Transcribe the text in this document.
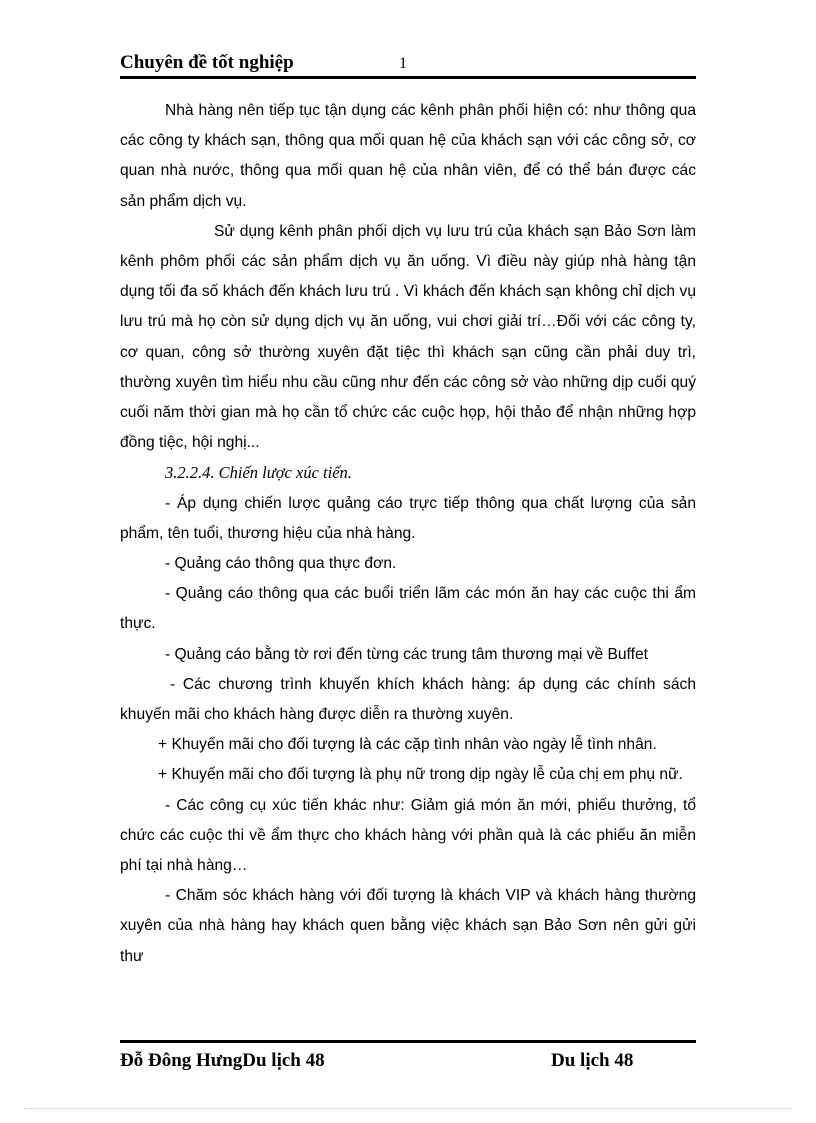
Chuyên đề tốt nghiệp	1

Nhà hàng nên tiếp tục tận dụng các kênh phân phối hiện có: như thông qua các công ty khách sạn, thông qua mối quan hệ của khách sạn với các công sở, cơ quan nhà nước, thông qua mối quan hệ của nhân viên, để có thể bán được các sản phẩm dịch vụ.

Sử dụng kênh phân phối dịch vụ lưu trú của khách sạn Bảo Sơn làm kênh phôm phối các sản phẩm dịch vụ ăn uống. Vì điều này giúp nhà hàng tận dụng tối đa số khách đến khách lưu trú . Vì khách đến khách sạn không chỉ dịch vụ lưu trú mà họ còn sử dụng dịch vụ ăn uống, vui chơi giải trí…Đối với các công ty, cơ quan, công sở thường xuyên đặt tiệc thì khách sạn cũng cần phải duy trì, thường xuyên tìm hiểu nhu cầu cũng như đến các công sở vào những dịp cuối quý cuối năm thời gian mà họ cần tổ chức các cuộc họp, hội thảo để nhận những hợp đồng tiệc, hội nghị...

3.2.2.4. Chiến lược xúc tiến.

- Áp dụng chiến lược quảng cáo trực tiếp thông qua chất lượng của sản phẩm, tên tuổi, thương hiệu của nhà hàng.

- Quảng cáo thông qua thực đơn.

- Quảng cáo thông qua các buổi triển lãm các món ăn hay các cuộc thi ẩm thực.

- Quảng cáo bằng tờ rơi đến từng các trung tâm thương mại về Buffet

- Các chương trình khuyến khích khách hàng: áp dụng các chính sách khuyến mãi cho khách hàng được diễn ra thường xuyên.

+ Khuyến mãi cho đối tượng là các cặp tình nhân vào ngày lễ tình nhân.

+ Khuyến mãi cho đối tượng là phụ nữ trong dịp ngày lễ của chị em phụ nữ.

- Các công cụ xúc tiến khác như: Giảm giá món ăn mới, phiếu thưởng, tổ chức các cuộc thi về ẩm thực cho khách hàng với phần quà là các phiếu ăn miễn phí tại nhà hàng…

- Chăm sóc khách hàng với đối tượng là khách VIP và khách hàng thường xuyên của nhà hàng hay khách quen bằng việc khách sạn Bảo Sơn nên gửi gửi thư

Đỗ Đông HưngDu lịch 48	Du lịch 48
